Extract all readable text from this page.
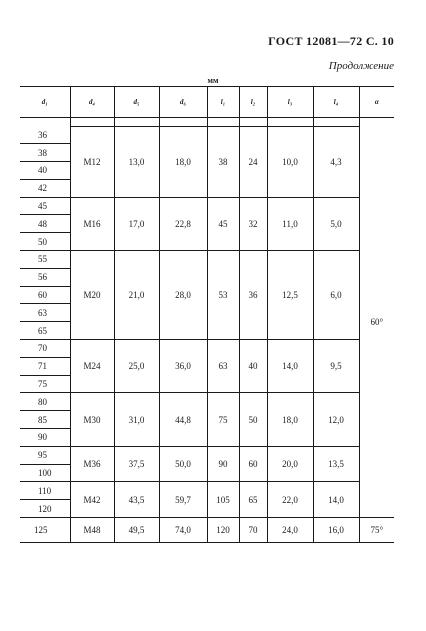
ГОСТ 12081—72 С. 10
Продолжение
мм
d₁	d₄	d₅	d₆	l₁	l₂	l₃	l₄	α

36	M12	13,0	18,0	38	24	10,0	4,3	60°
38								
40								
42								
45	M16	17,0	22,8	45	32	11,0	5,0	
48								
50								
55	M20	21,0	28,0	53	36	12,5	6,0	
56								
60								
63								
65								
70	M24	25,0	36,0	63	40	14,0	9,5	
71								
75								
80	M30	31,0	44,8	75	50	18,0	12,0	
85								
90								
95	M36	37,5	50,0	90	60	20,0	13,5	
100								
110	M42	43,5	59,7	105	65	22,0	14,0	
120								
125	M48	49,5	74,0	120	70	24,0	16,0	75°
